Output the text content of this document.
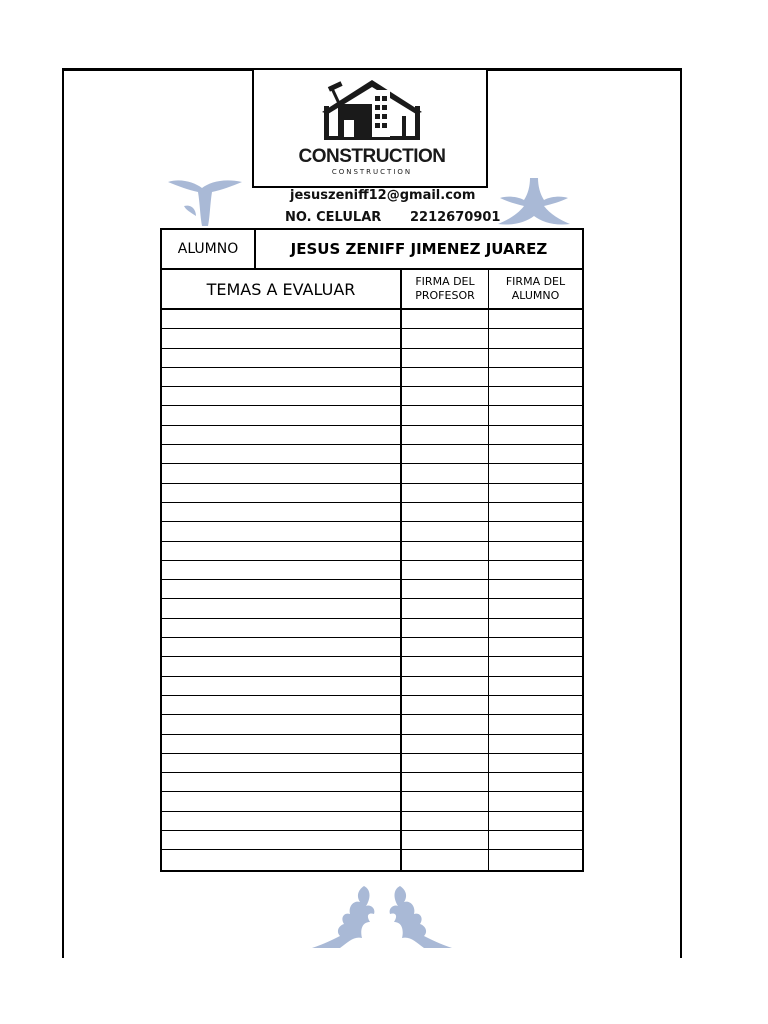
CONSTRUCTION
CONSTRUCTION
jesuszeniff12@gmail.com
NO. CELULAR 2212670901
ALUMNO	JESUS ZENIFF JIMENEZ JUAREZ
TEMAS A EVALUAR	FIRMA DEL PROFESOR
FIRMA DEL ALUMNO
